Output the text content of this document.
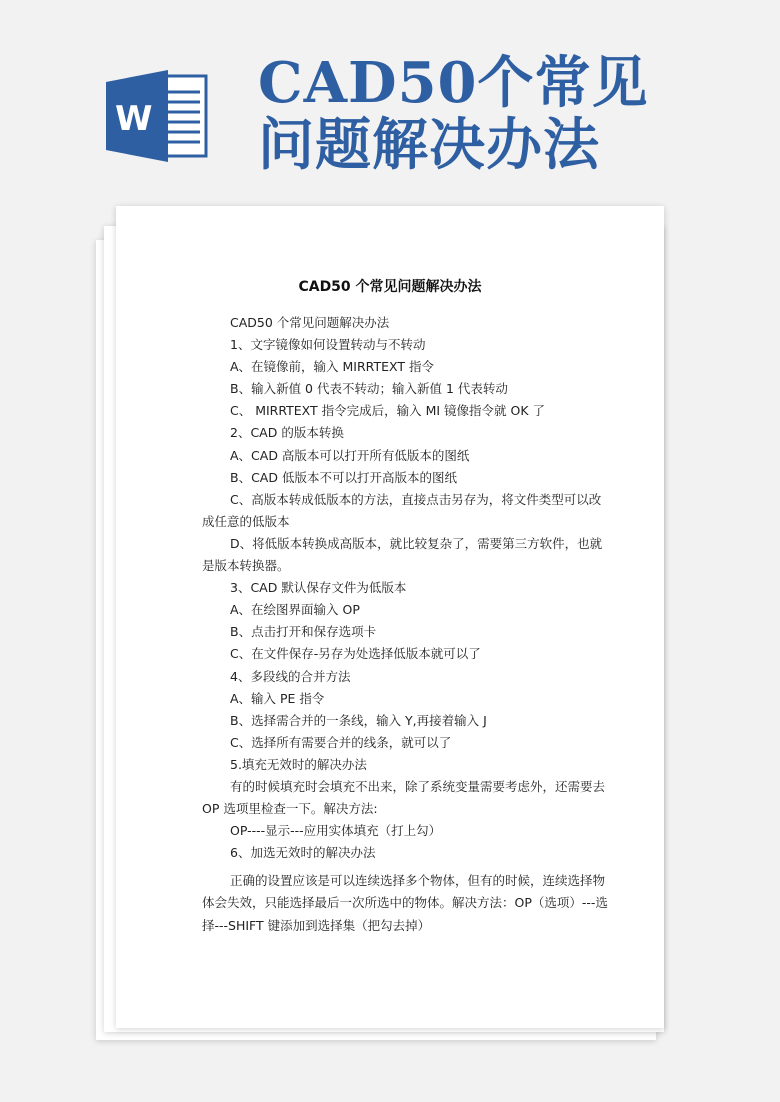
W
CAD50个常见
问题解决办法
CAD50 个常见问题解决办法
CAD50 个常见问题解决办法
1、文字镜像如何设置转动与不转动
A、在镜像前，输入 MIRRTEXT 指令
B、输入新值 0 代表不转动；输入新值 1 代表转动
C、 MIRRTEXT 指令完成后，输入 MI 镜像指令就 OK 了
2、CAD 的版本转换
A、CAD 高版本可以打开所有低版本的图纸
B、CAD 低版本不可以打开高版本的图纸
C、高版本转成低版本的方法，直接点击另存为，将文件类型可以改成任意的低版本
D、将低版本转换成高版本，就比较复杂了，需要第三方软件，也就是版本转换器。
3、CAD 默认保存文件为低版本
A、在绘图界面输入 OP
B、点击打开和保存选项卡
C、在文件保存-另存为处选择低版本就可以了
4、多段线的合并方法
A、输入 PE 指令
B、选择需合并的一条线，输入 Y,再接着输入 J
C、选择所有需要合并的线条，就可以了
5.填充无效时的解决办法
有的时候填充时会填充不出来，除了系统变量需要考虑外，还需要去 OP 选项里检查一下。解决方法:
OP----显示---应用实体填充（打上勾）
6、加选无效时的解决办法
正确的设置应该是可以连续选择多个物体，但有的时候，连续选择物体会失效，只能选择最后一次所选中的物体。解决方法：OP（选项）---选择---SHIFT 键添加到选择集（把勾去掉）
